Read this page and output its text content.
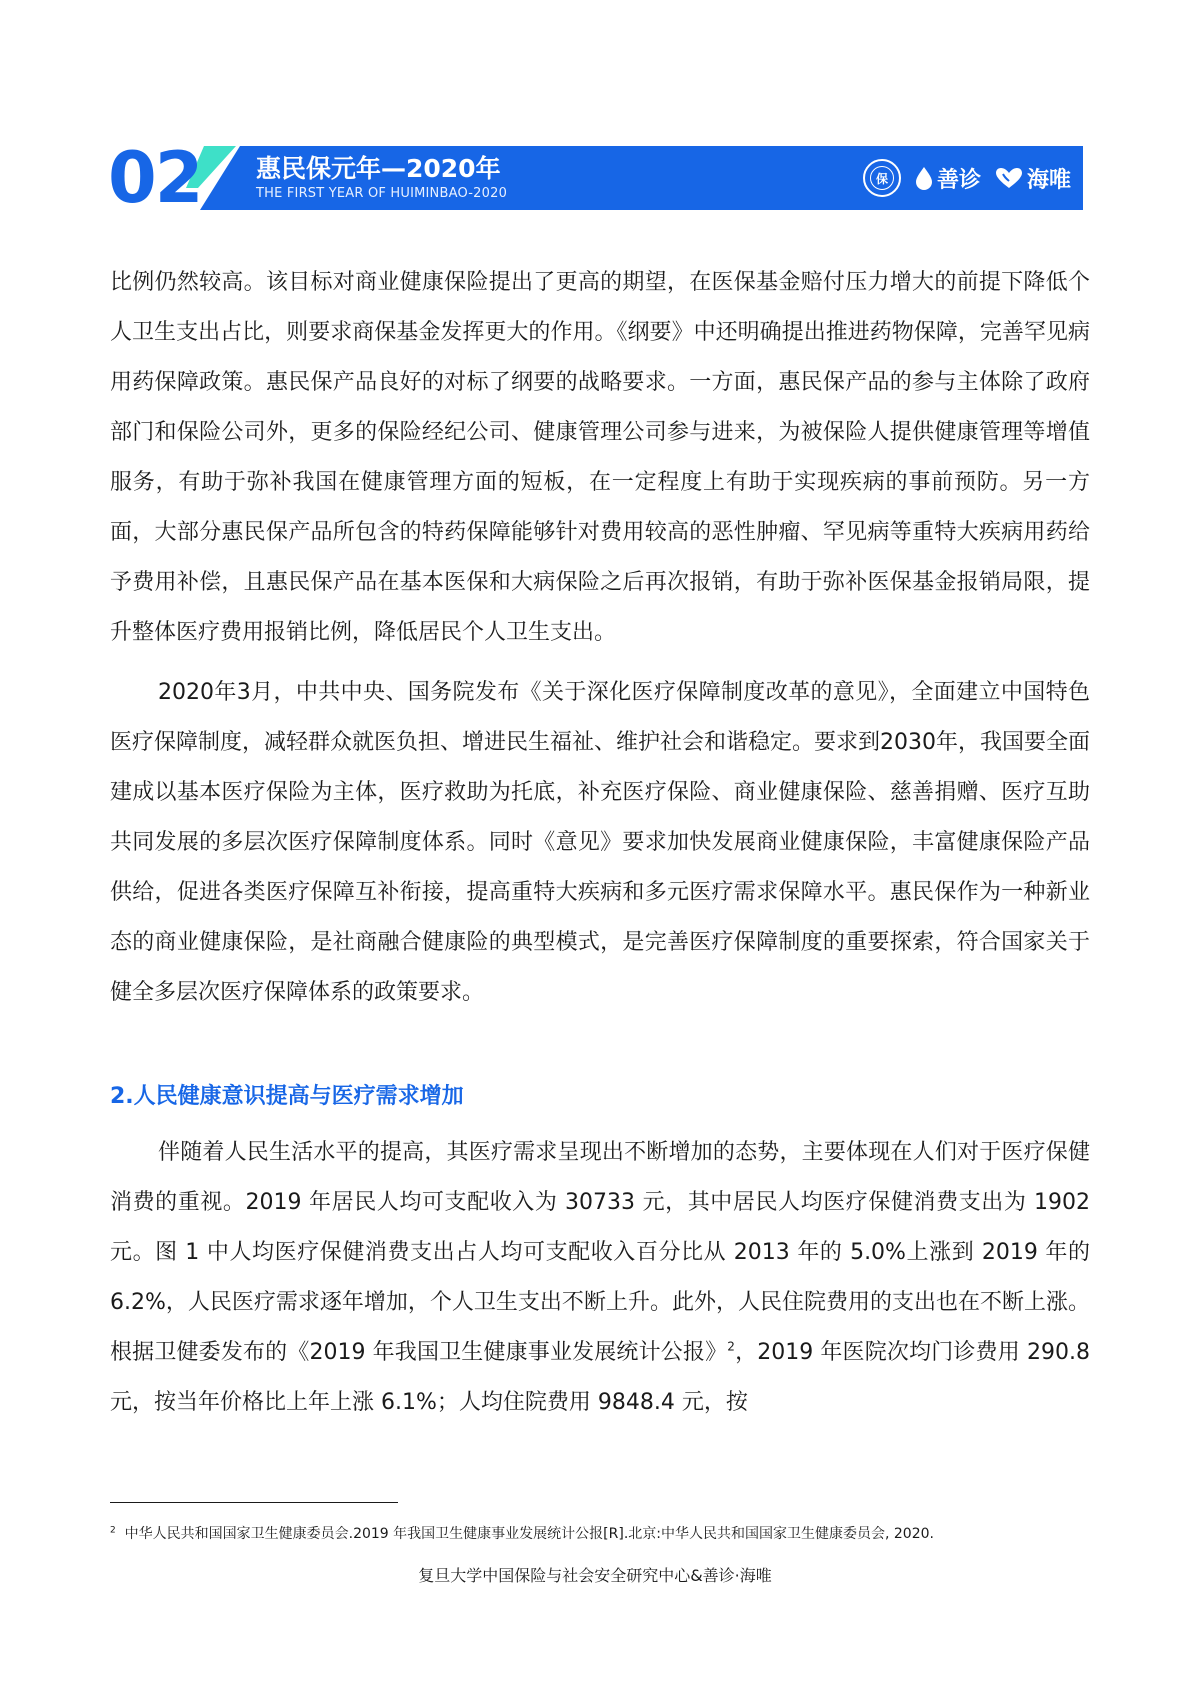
02 惠民保元年—2020年
THE FIRST YEAR OF HUIMINBAO-2020
保 善诊 海唯

比例仍然较高。该目标对商业健康保险提出了更高的期望，在医保基金赔付压力增大的前提下降低个人卫生支出占比，则要求商保基金发挥更大的作用。《纲要》中还明确提出推进药物保障，完善罕见病用药保障政策。惠民保产品良好的对标了纲要的战略要求。一方面，惠民保产品的参与主体除了政府部门和保险公司外，更多的保险经纪公司、健康管理公司参与进来，为被保险人提供健康管理等增值服务，有助于弥补我国在健康管理方面的短板，在一定程度上有助于实现疾病的事前预防。另一方面，大部分惠民保产品所包含的特药保障能够针对费用较高的恶性肿瘤、罕见病等重特大疾病用药给予费用补偿，且惠民保产品在基本医保和大病保险之后再次报销，有助于弥补医保基金报销局限，提升整体医疗费用报销比例，降低居民个人卫生支出。

2020年3月，中共中央、国务院发布《关于深化医疗保障制度改革的意见》，全面建立中国特色医疗保障制度，减轻群众就医负担、增进民生福祉、维护社会和谐稳定。要求到2030年，我国要全面建成以基本医疗保险为主体，医疗救助为托底，补充医疗保险、商业健康保险、慈善捐赠、医疗互助共同发展的多层次医疗保障制度体系。同时《意见》要求加快发展商业健康保险，丰富健康保险产品供给，促进各类医疗保障互补衔接，提高重特大疾病和多元医疗需求保障水平。惠民保作为一种新业态的商业健康保险，是社商融合健康险的典型模式，是完善医疗保障制度的重要探索，符合国家关于健全多层次医疗保障体系的政策要求。

2.人民健康意识提高与医疗需求增加

伴随着人民生活水平的提高，其医疗需求呈现出不断增加的态势，主要体现在人们对于医疗保健消费的重视。2019 年居民人均可支配收入为 30733 元，其中居民人均医疗保健消费支出为 1902 元。图 1 中人均医疗保健消费支出占人均可支配收入百分比从 2013 年的 5.0%上涨到 2019 年的 6.2%，人民医疗需求逐年增加，个人卫生支出不断上升。此外，人民住院费用的支出也在不断上涨。根据卫健委发布的《2019 年我国卫生健康事业发展统计公报》$^2$，2019 年医院次均门诊费用 290.8 元，按当年价格比上年上涨 6.1%；人均住院费用 9848.4 元，按

$^2$ 中华人民共和国国家卫生健康委员会.2019 年我国卫生健康事业发展统计公报[R].北京:中华人民共和国国家卫生健康委员会, 2020.
复旦大学中国保险与社会安全研究中心&善诊·海唯
